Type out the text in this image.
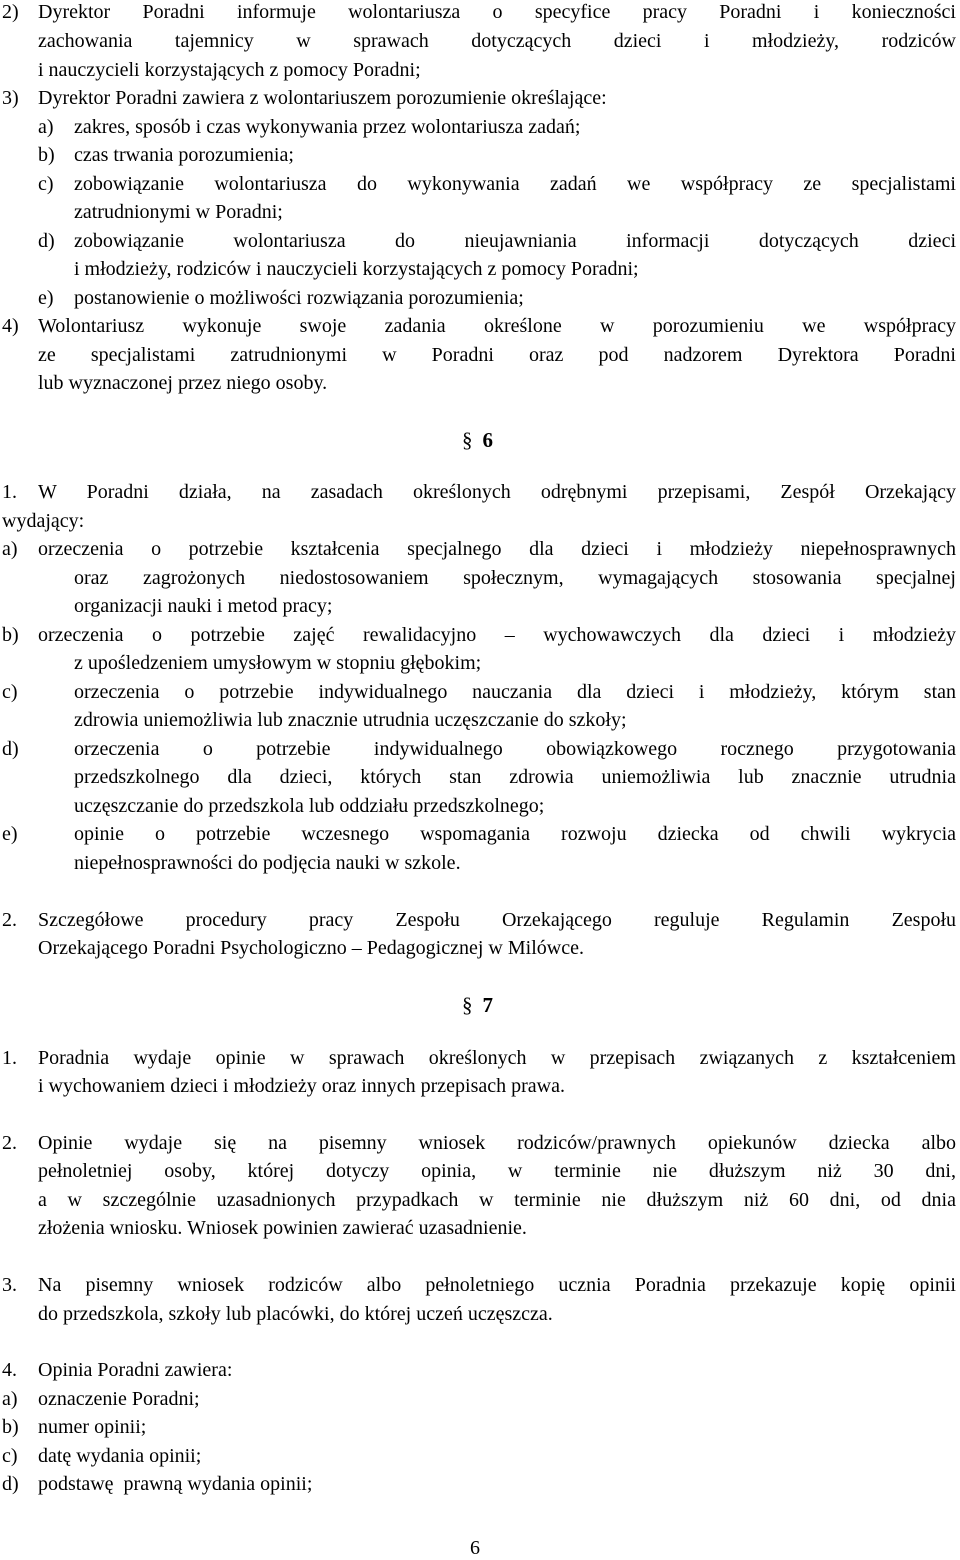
2) Dyrektor Poradni informuje wolontariusza o specyfice pracy Poradni i konieczności
zachowania tajemnicy w sprawach dotyczących dzieci i młodzieży, rodziców
i nauczycieli korzystających z pomocy Poradni;
3) Dyrektor Poradni zawiera z wolontariuszem porozumienie określające:
a) zakres, sposób i czas wykonywania przez wolontariusza zadań;
b) czas trwania porozumienia;
c) zobowiązanie wolontariusza do wykonywania zadań we współpracy ze specjalistami
zatrudnionymi w Poradni;
d) zobowiązanie wolontariusza do nieujawniania informacji dotyczących dzieci
i młodzieży, rodziców i nauczycieli korzystających z pomocy Poradni;
e) postanowienie o możliwości rozwiązania porozumienia;
4) Wolontariusz wykonuje swoje zadania określone w porozumieniu we współpracy
ze specjalistami zatrudnionymi w Poradni oraz pod nadzorem Dyrektora Poradni
lub wyznaczonej przez niego osoby.
§ 6
1. W Poradni działa, na zasadach określonych odrębnymi przepisami, Zespół Orzekający
wydający:
a) orzeczenia o potrzebie kształcenia specjalnego dla dzieci i młodzieży niepełnosprawnych
oraz zagrożonych niedostosowaniem społecznym, wymagających stosowania specjalnej
organizacji nauki i metod pracy;
b) orzeczenia o potrzebie zajęć rewalidacyjno – wychowawczych dla dzieci i młodzieży
z upośledzeniem umysłowym w stopniu głębokim;
c)	orzeczenia o potrzebie indywidualnego nauczania dla dzieci i młodzieży, którym stan
zdrowia uniemożliwia lub znacznie utrudnia uczęszczanie do szkoły;
d)	orzeczenia o potrzebie indywidualnego obowiązkowego rocznego przygotowania
przedszkolnego dla dzieci, których stan zdrowia uniemożliwia lub znacznie utrudnia
uczęszczanie do przedszkola lub oddziału przedszkolnego;
e)	opinie o potrzebie wczesnego wspomagania rozwoju dziecka od chwili wykrycia
niepełnosprawności do podjęcia nauki w szkole.
2. Szczegółowe procedury pracy Zespołu Orzekającego reguluje Regulamin Zespołu
Orzekającego Poradni Psychologiczno – Pedagogicznej w Milówce.
§ 7
1. Poradnia wydaje opinie w sprawach określonych w przepisach związanych z kształceniem
i wychowaniem dzieci i młodzieży oraz innych przepisach prawa.
2. Opinie wydaje się na pisemny wniosek rodziców/prawnych opiekunów dziecka albo
pełnoletniej osoby, której dotyczy opinia, w terminie nie dłuższym niż 30 dni,
a w szczególnie uzasadnionych przypadkach w terminie nie dłuższym niż 60 dni, od dnia
złożenia wniosku. Wniosek powinien zawierać uzasadnienie.
3. Na pisemny wniosek rodziców albo pełnoletniego ucznia Poradnia przekazuje kopię opinii
do przedszkola, szkoły lub placówki, do której uczeń uczęszcza.
4. Opinia Poradni zawiera:
a) oznaczenie Poradni;
b) numer opinii;
c) datę wydania opinii;
d) podstawę  prawną wydania opinii;
6
